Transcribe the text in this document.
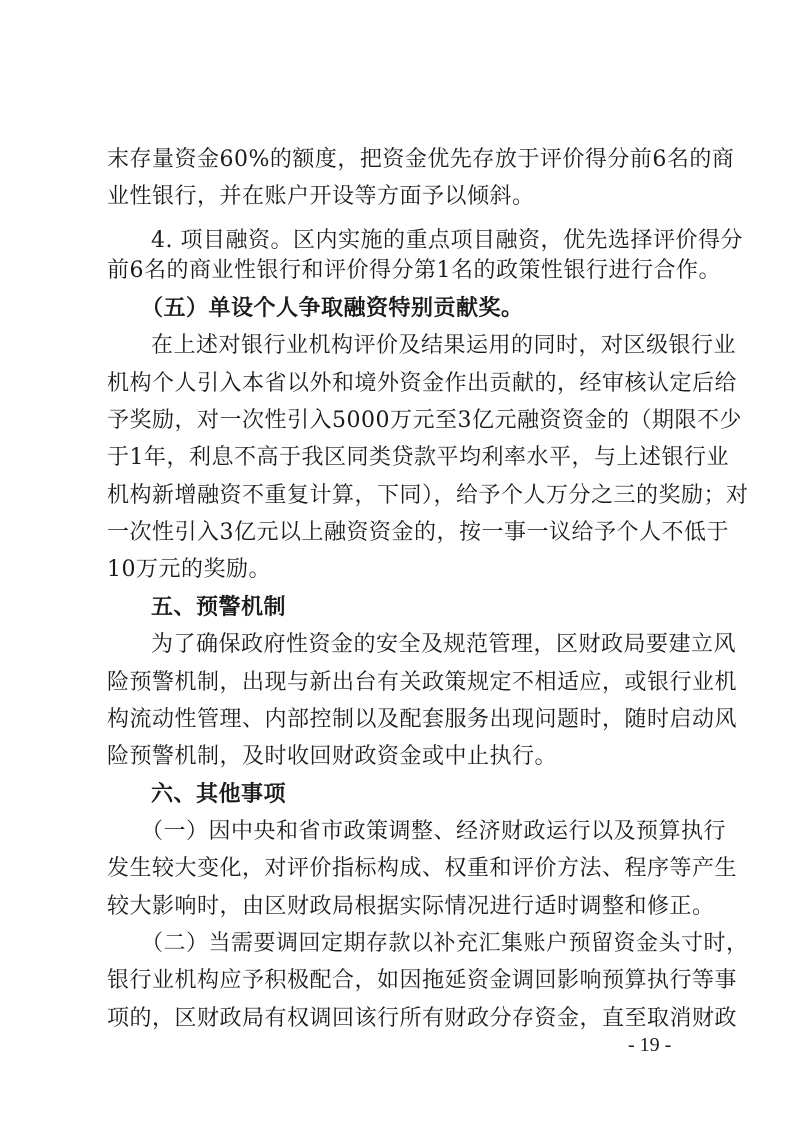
末存量资金60%的额度，把资金优先存放于评价得分前6名的商
业性银行，并在账户开设等方面予以倾斜。
4. 项目融资。区内实施的重点项目融资，优先选择评价得分
前6名的商业性银行和评价得分第1名的政策性银行进行合作。
（五）单设个人争取融资特别贡献奖。
在上述对银行业机构评价及结果运用的同时，对区级银行业
机构个人引入本省以外和境外资金作出贡献的，经审核认定后给
予奖励，对一次性引入5000万元至3亿元融资资金的（期限不少
于1年，利息不高于我区同类贷款平均利率水平，与上述银行业
机构新增融资不重复计算，下同），给予个人万分之三的奖励；对
一次性引入3亿元以上融资资金的，按一事一议给予个人不低于
10万元的奖励。
五、预警机制
为了确保政府性资金的安全及规范管理，区财政局要建立风
险预警机制，出现与新出台有关政策规定不相适应，或银行业机
构流动性管理、内部控制以及配套服务出现问题时，随时启动风
险预警机制，及时收回财政资金或中止执行。
六、其他事项
（一）因中央和省市政策调整、经济财政运行以及预算执行
发生较大变化，对评价指标构成、权重和评价方法、程序等产生
较大影响时，由区财政局根据实际情况进行适时调整和修正。
（二）当需要调回定期存款以补充汇集账户预留资金头寸时，
银行业机构应予积极配合，如因拖延资金调回影响预算执行等事
项的，区财政局有权调回该行所有财政分存资金，直至取消财政
- 19 -
